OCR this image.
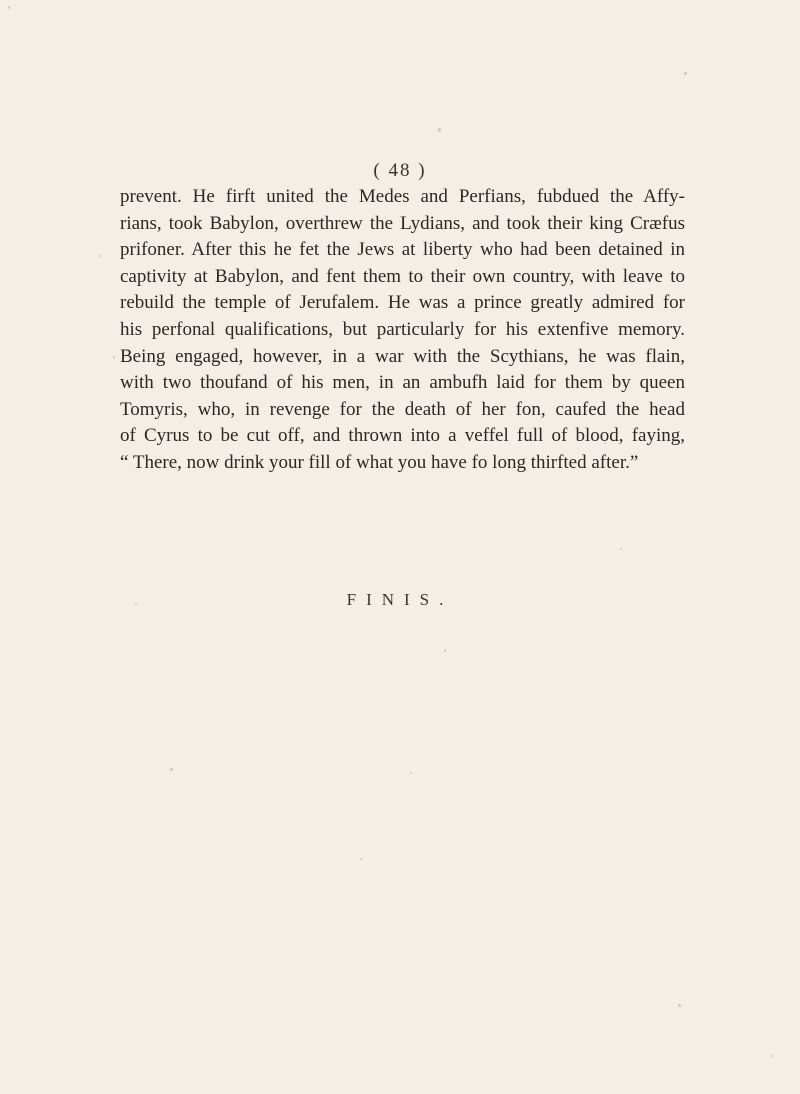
( 48 )
prevent. He firft united the Medes and Perfians, fubdued the Affy-
rians, took Babylon, overthrew the Lydians, and took their king Cræfus
prifoner. After this he fet the Jews at liberty who had been detained in
captivity at Babylon, and fent them to their own country, with leave to
rebuild the temple of Jerufalem. He was a prince greatly admired for
his perfonal qualifications, but particularly for his extenfive memory.
Being engaged, however, in a war with the Scythians, he was flain,
with two thoufand of his men, in an ambufh laid for them by queen
Tomyris, who, in revenge for the death of her fon, caufed the head
of Cyrus to be cut off, and thrown into a veffel full of blood, faying,
“ There, now drink your fill of what you have fo long thirfted after.”
FINIS.
